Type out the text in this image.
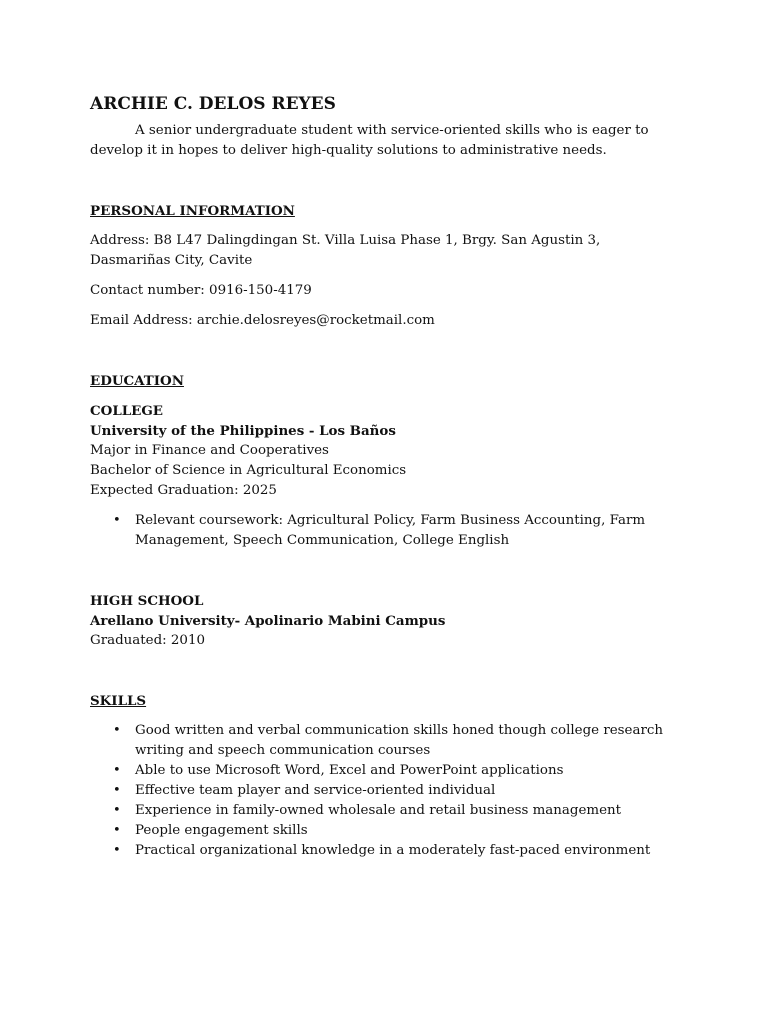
ARCHIE C. DELOS REYES

A senior undergraduate student with service-oriented skills who is eager to develop it in hopes to deliver high-quality solutions to administrative needs.

PERSONAL INFORMATION

Address: B8 L47 Dalingdingan St. Villa Luisa Phase 1, Brgy. San Agustin 3, Dasmariñas City, Cavite

Contact number: 0916-150-4179

Email Address: archie.delosreyes@rocketmail.com

EDUCATION

COLLEGE

University of the Philippines - Los Baños

Major in Finance and Cooperatives

Bachelor of Science in Agricultural Economics

Expected Graduation: 2025

• Relevant coursework: Agricultural Policy, Farm Business Accounting, Farm Management, Speech Communication, College English

HIGH SCHOOL

Arellano University- Apolinario Mabini Campus

Graduated: 2010

SKILLS

• Good written and verbal communication skills honed though college research writing and speech communication courses
• Able to use Microsoft Word, Excel and PowerPoint applications
• Effective team player and service-oriented individual
• Experience in family-owned wholesale and retail business management
• People engagement skills
• Practical organizational knowledge in a moderately fast-paced environment
